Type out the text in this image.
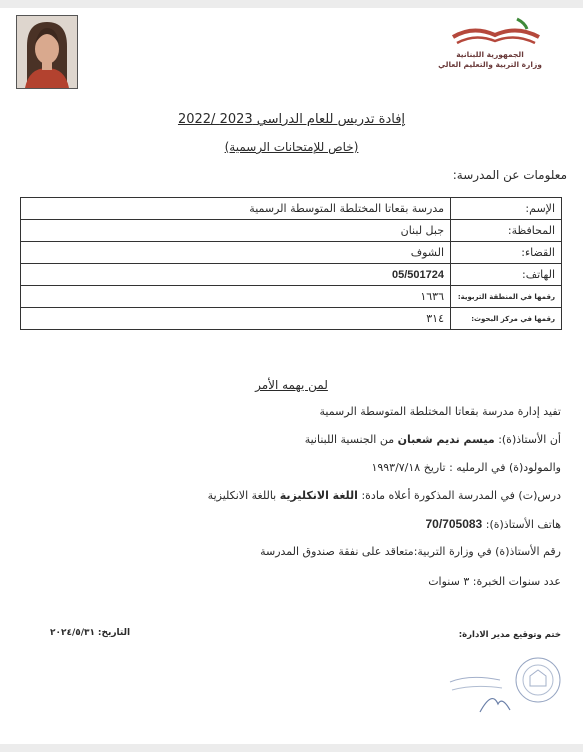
الجمهورية اللبنانية
وزارة التربية والتعليم العالي
إفادة تدريس للعام الدراسي 2023 /2022
(خاص للإمتحانات الرسمية)
معلومات عن المدرسة:
الإسم:	مدرسة بقعاتا المختلطة المتوسطة الرسمية
المحافظة:	جبل لبنان
القضاء:	الشوف
الهاتف:	05/501724
رقمها في المنطقة التربوية:	١٦٣٦
رقمها في مركز البحوث:	٣١٤
لمن يهمه الأمر
تفيد إدارة مدرسة بقعاتا المختلطة المتوسطة الرسمية
أن الأستاذ(ة): ميسم نديم شعبان من الجنسية اللبنانية
والمولود(ة) في الرمليه : تاريخ ١٩٩٣/٧/١٨
درس(ت) في المدرسة المذكورة أعلاه مادة: اللغة الانكليزية باللغة الانكليزية
هاتف الأستاذ(ة): 70/705083
رقم الأستاذ(ة) في وزارة التربية:متعاقد على نفقة صندوق المدرسة
عدد سنوات الخبرة: ٣ سنوات
ختم وتوقيع مدير الادارة:
التاريخ: ٢٠٢٤/٥/٣١
